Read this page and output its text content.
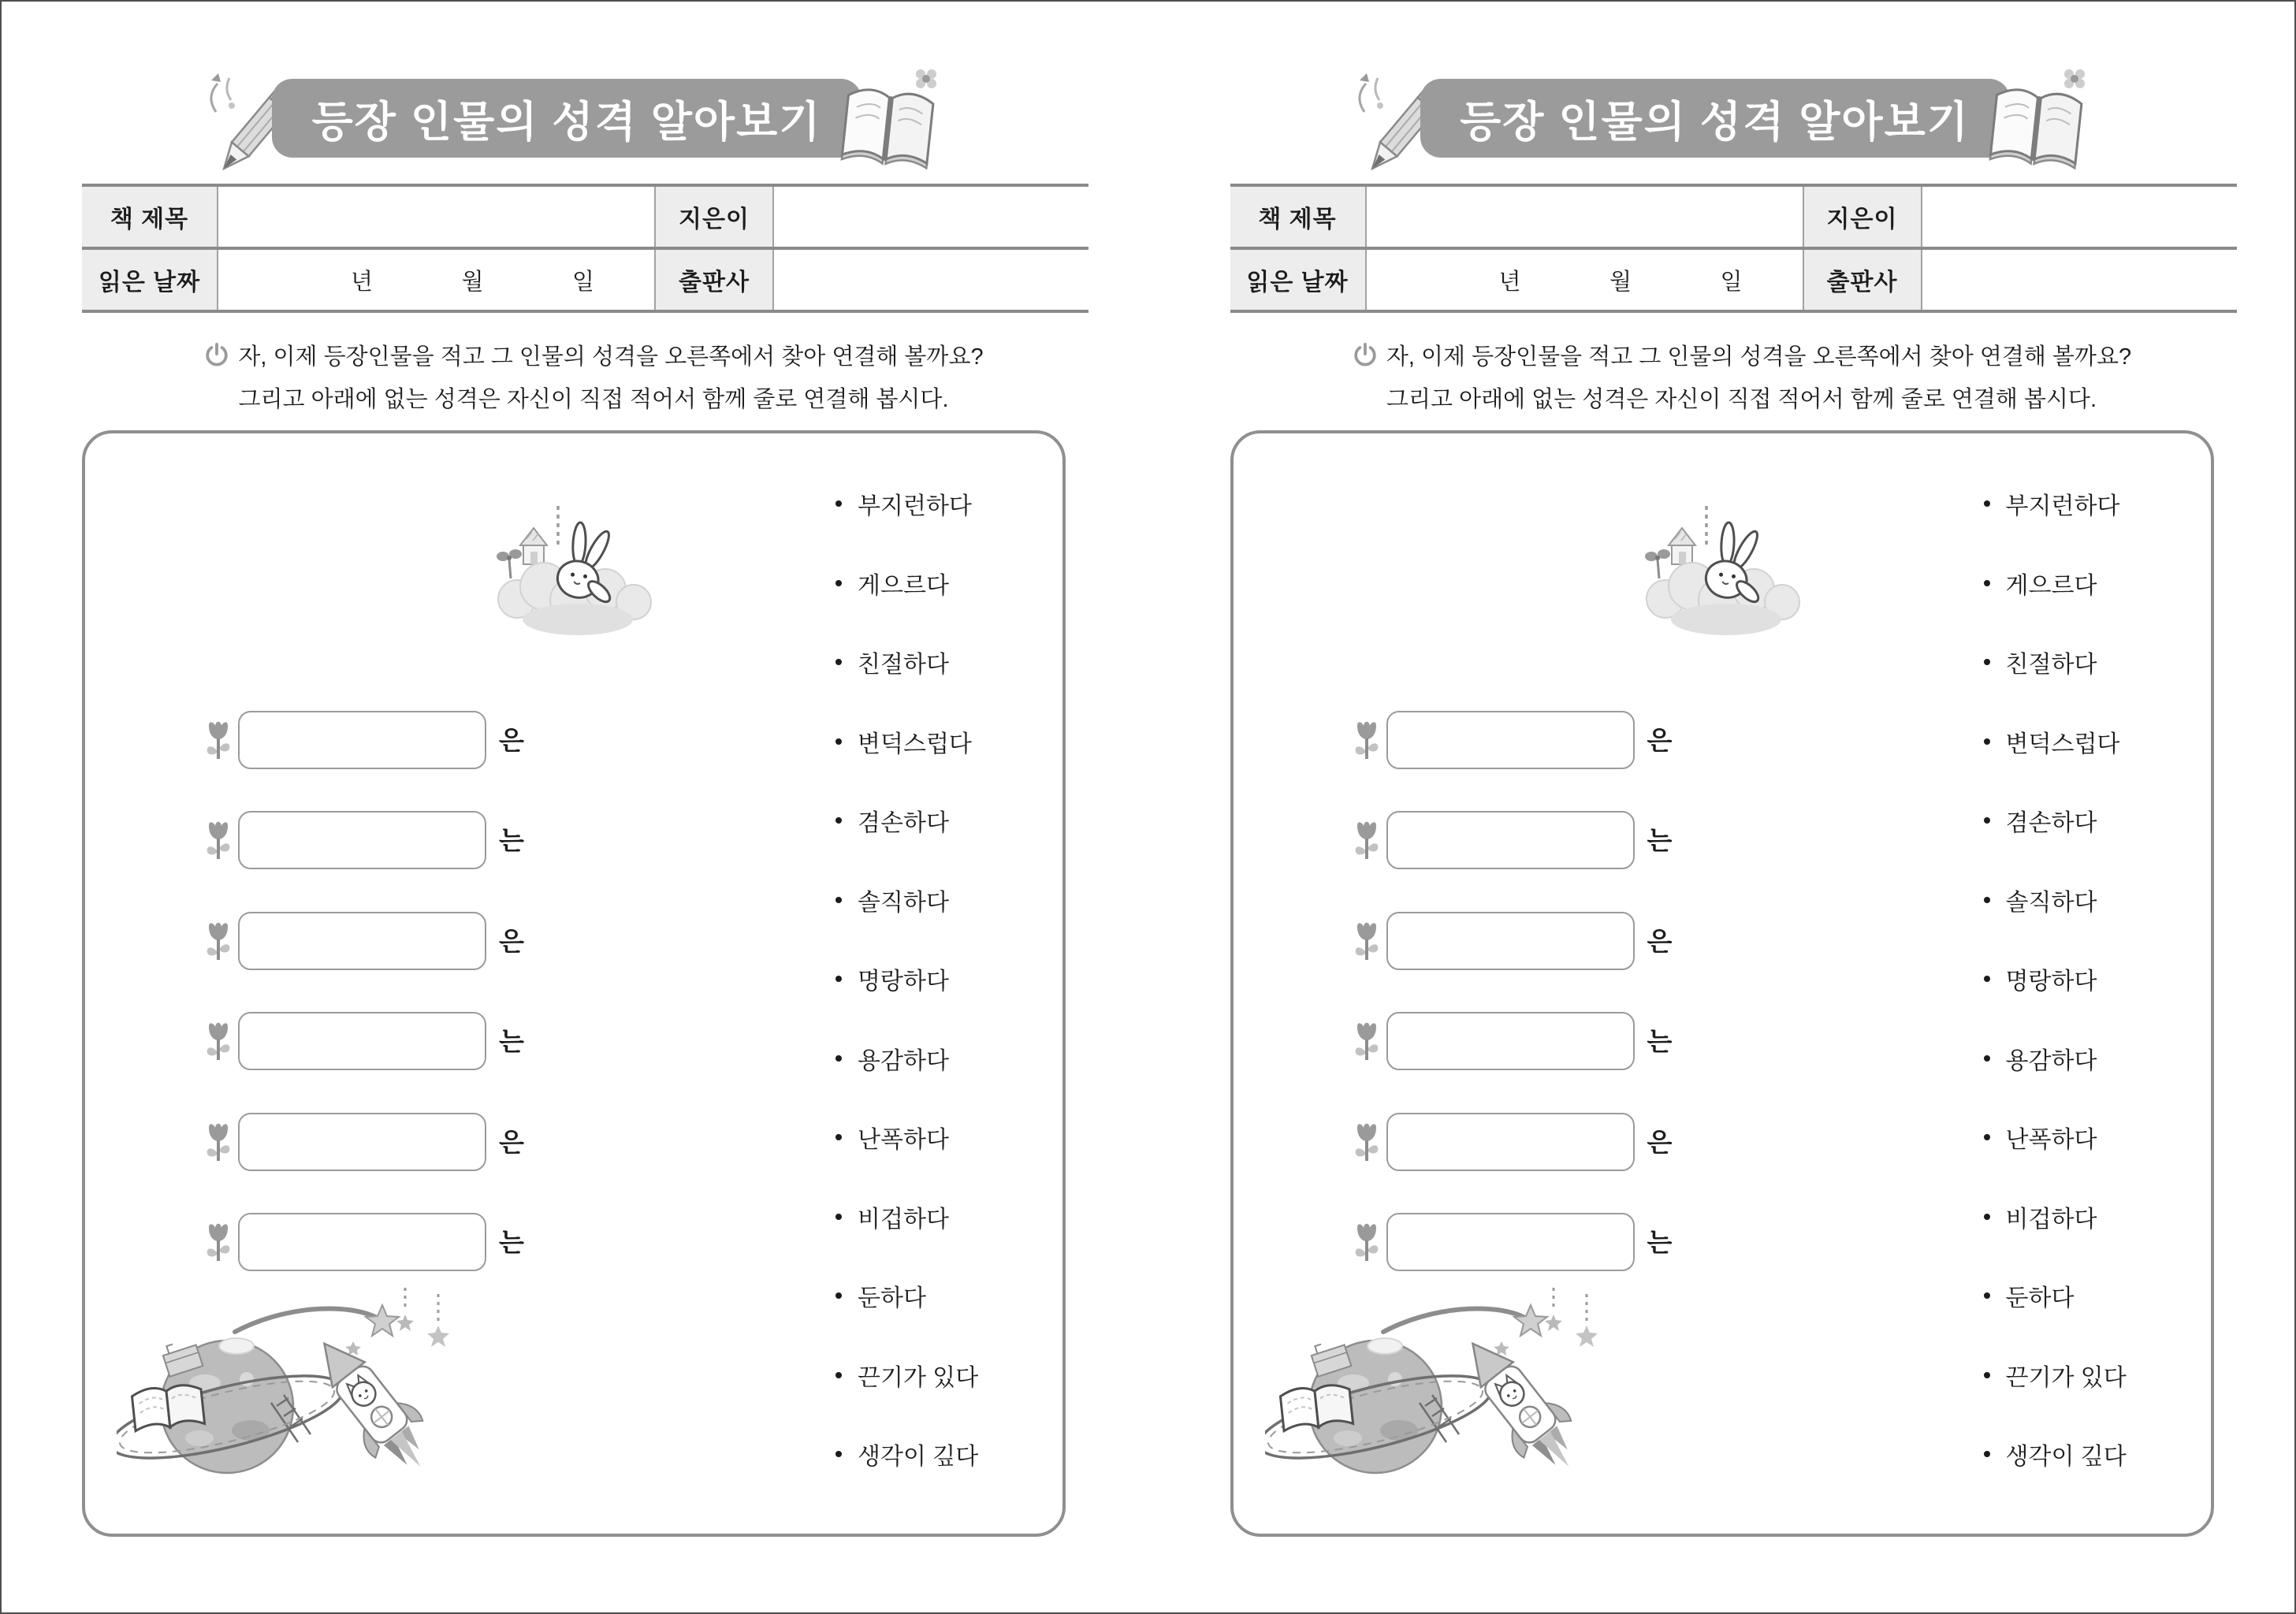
등장 인물의 성격 알아보기
책 제목		지은이	
읽은 날짜	년 월 일	출판사	
자, 이제 등장인물을 적고 그 인물의 성격을 오른쪽에서 찾아 연결해 볼까요?
그리고 아래에 없는 성격은 자신이 직접 적어서 함께 줄로 연결해 봅시다.
은
는
은
는
은
는
부지런하다
게으르다
친절하다
변덕스럽다
겸손하다
솔직하다
명랑하다
용감하다
난폭하다
비겁하다
둔하다
끈기가 있다
생각이 깊다
등장 인물의 성격 알아보기
책 제목		지은이	
읽은 날짜	년 월 일	출판사	
자, 이제 등장인물을 적고 그 인물의 성격을 오른쪽에서 찾아 연결해 볼까요?
그리고 아래에 없는 성격은 자신이 직접 적어서 함께 줄로 연결해 봅시다.
은
는
은
는
은
는
부지런하다
게으르다
친절하다
변덕스럽다
겸손하다
솔직하다
명랑하다
용감하다
난폭하다
비겁하다
둔하다
끈기가 있다
생각이 깊다
